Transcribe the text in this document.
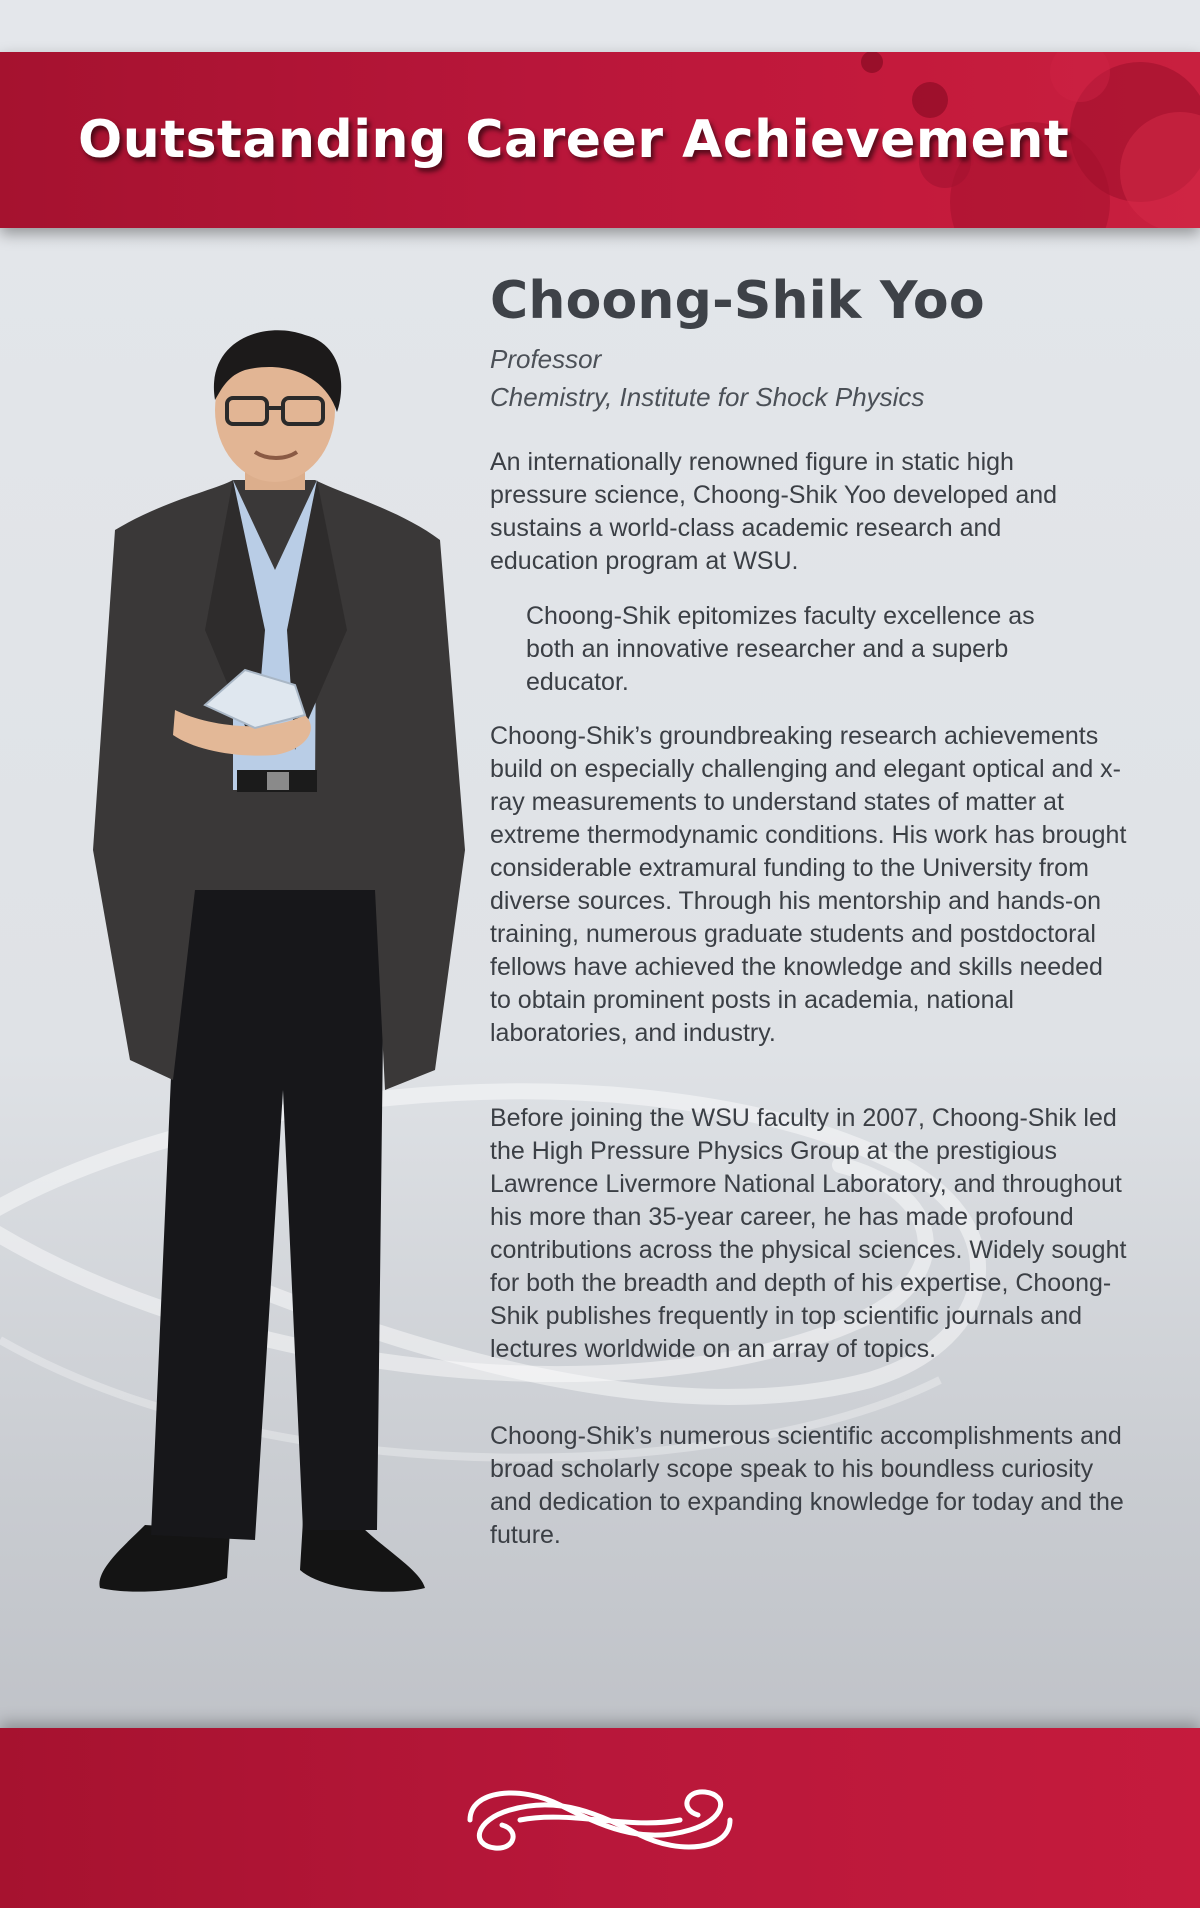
Outstanding Career Achievement
Choong-Shik Yoo

Professor

Chemistry, Institute for Shock Physics

An internationally renowned figure in static high pressure science, Choong-Shik Yoo developed and sustains a world-class academic research and education program at WSU.

Choong-Shik epitomizes faculty excellence as both an innovative researcher and a superb educator.

Choong-Shik’s groundbreaking research achievements build on especially challenging and elegant optical and x-ray measurements to understand states of matter at extreme thermodynamic conditions. His work has brought considerable extramural funding to the University from diverse sources. Through his mentorship and hands-on training, numerous graduate students and postdoctoral fellows have achieved the knowledge and skills needed to obtain prominent posts in academia, national laboratories, and industry.

Before joining the WSU faculty in 2007, Choong-Shik led the High Pressure Physics Group at the prestigious Lawrence Livermore National Laboratory, and throughout his more than 35-year career, he has made profound contributions across the physical sciences. Widely sought for both the breadth and depth of his expertise, Choong-Shik publishes frequently in top scientific journals and lectures worldwide on an array of topics.

Choong-Shik’s numerous scientific accomplishments and broad scholarly scope speak to his boundless curiosity and dedication to expanding knowledge for today and the future.
